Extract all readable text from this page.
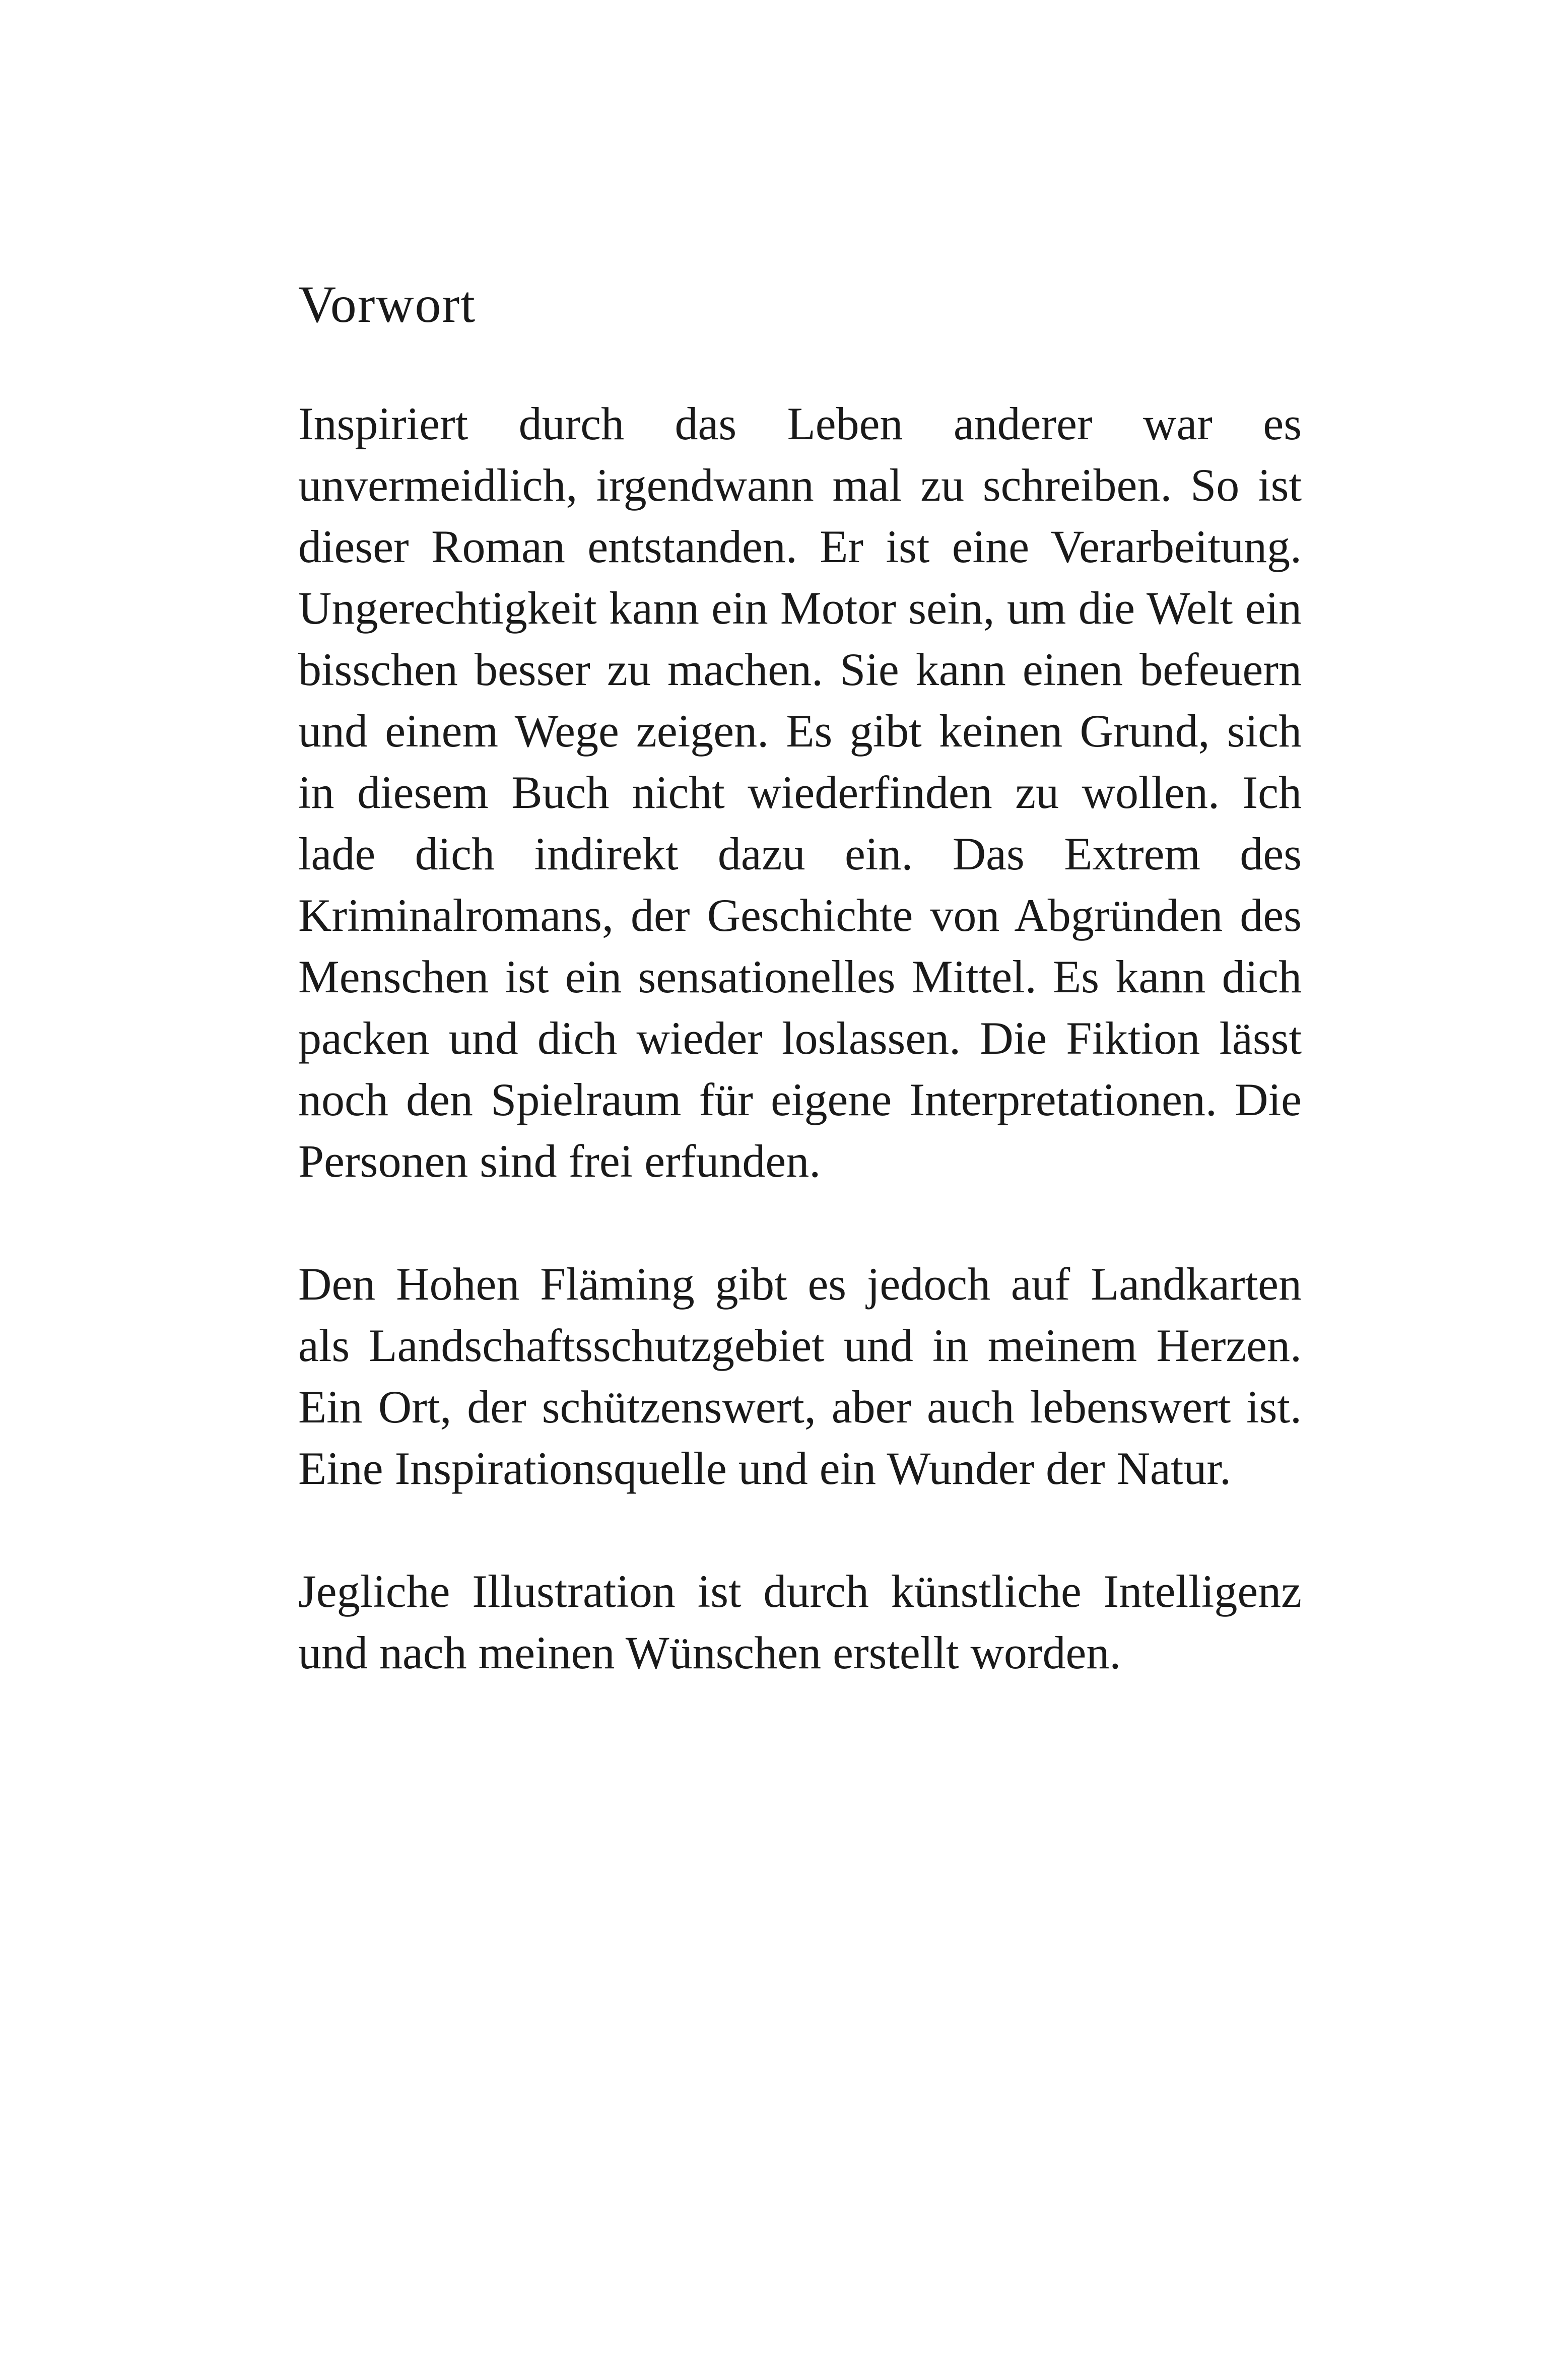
Vorwort

Inspiriert durch das Leben anderer war es unvermeidlich, irgendwann mal zu schreiben. So ist dieser Roman entstanden. Er ist eine Verarbeitung. Ungerechtigkeit kann ein Motor sein, um die Welt ein bisschen besser zu machen. Sie kann einen befeuern und einem Wege zeigen. Es gibt keinen Grund, sich in diesem Buch nicht wiederfinden zu wollen. Ich lade dich indirekt dazu ein. Das Extrem des Kriminalromans, der Geschichte von Abgründen des Menschen ist ein sensationelles Mittel. Es kann dich packen und dich wieder loslassen. Die Fiktion lässt noch den Spielraum für eigene Interpretationen. Die Personen sind frei erfunden.

Den Hohen Fläming gibt es jedoch auf Landkarten als Landschaftsschutzgebiet und in meinem Herzen. Ein Ort, der schützenswert, aber auch lebenswert ist. Eine Inspirationsquelle und ein Wunder der Natur.

Jegliche Illustration ist durch künstliche Intelligenz und nach meinen Wünschen erstellt worden.
